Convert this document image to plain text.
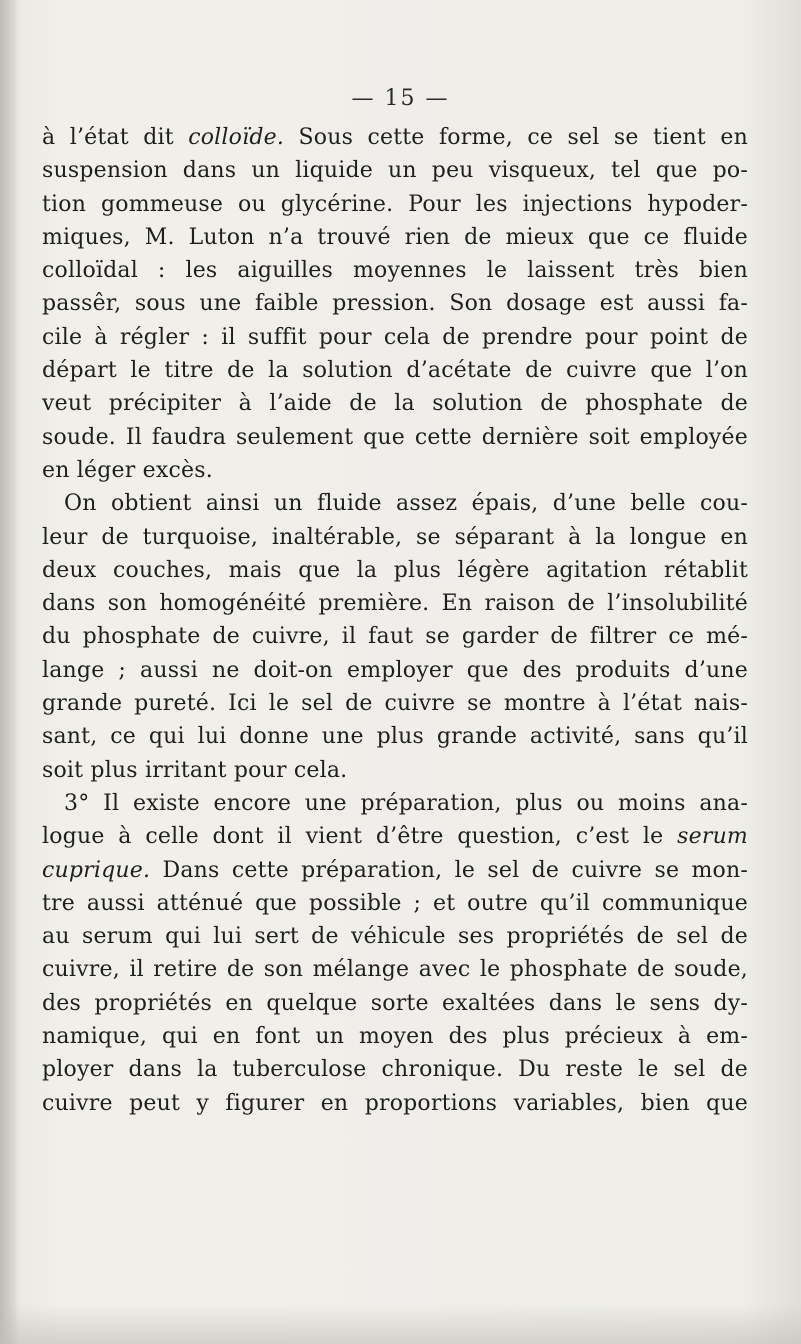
— 15 —
à l’état dit colloïde. Sous cette forme, ce sel se tient en
suspension dans un liquide un peu visqueux, tel que po-
tion gommeuse ou glycérine. Pour les injections hypoder-
miques, M. Luton n’a trouvé rien de mieux que ce fluide
colloïdal : les aiguilles moyennes le laissent très bien
passêr, sous une faible pression. Son dosage est aussi fa-
cile à régler : il suffit pour cela de prendre pour point de
départ le titre de la solution d’acétate de cuivre que l’on
veut précipiter à l’aide de la solution de phosphate de
soude. Il faudra seulement que cette dernière soit employée
en léger excès.
On obtient ainsi un fluide assez épais, d’une belle cou-
leur de turquoise, inaltérable, se séparant à la longue en
deux couches, mais que la plus légère agitation rétablit
dans son homogénéité première. En raison de l’insolubilité
du phosphate de cuivre, il faut se garder de filtrer ce mé-
lange ; aussi ne doit-on employer que des produits d’une
grande pureté. Ici le sel de cuivre se montre à l’état nais-
sant, ce qui lui donne une plus grande activité, sans qu’il
soit plus irritant pour cela.
3° Il existe encore une préparation, plus ou moins ana-
logue à celle dont il vient d’être question, c’est le serum
cuprique. Dans cette préparation, le sel de cuivre se mon-
tre aussi atténué que possible ; et outre qu’il communique
au serum qui lui sert de véhicule ses propriétés de sel de
cuivre, il retire de son mélange avec le phosphate de soude,
des propriétés en quelque sorte exaltées dans le sens dy-
namique, qui en font un moyen des plus précieux à em-
ployer dans la tuberculose chronique. Du reste le sel de
cuivre peut y figurer en proportions variables, bien que
